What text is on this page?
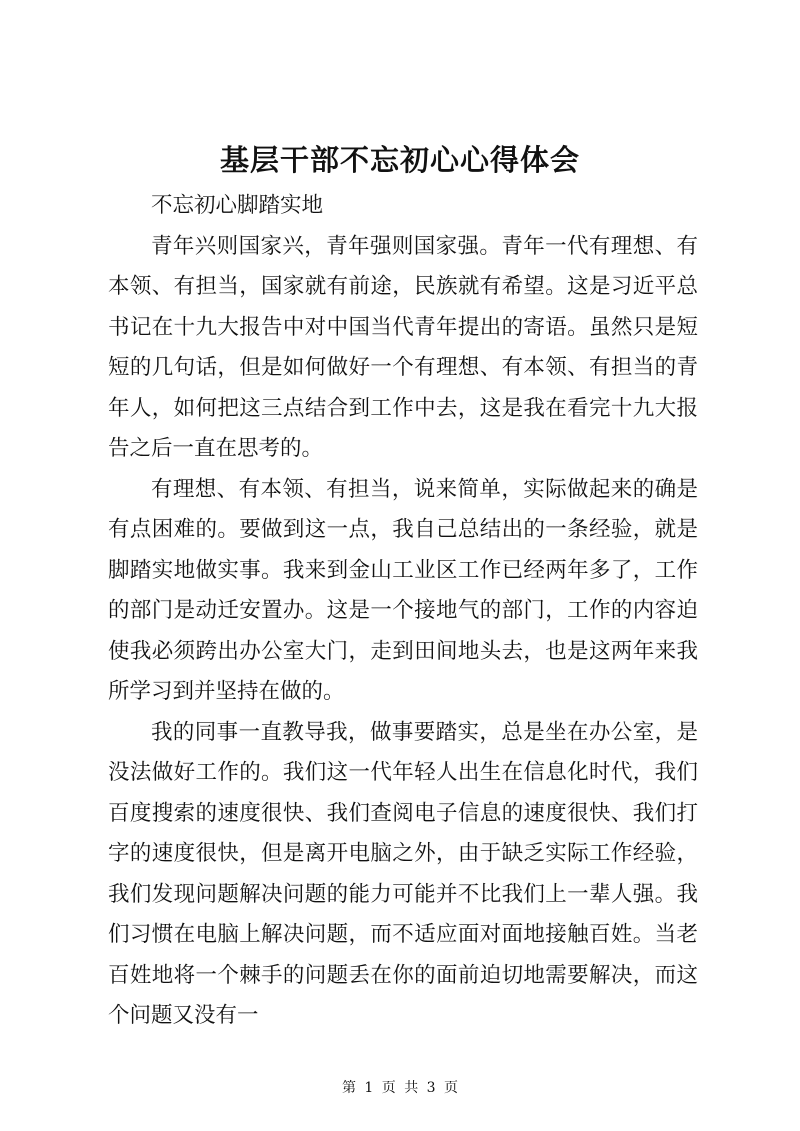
基层干部不忘初心心得体会

不忘初心脚踏实地

青年兴则国家兴，青年强则国家强。青年一代有理想、有本领、有担当，国家就有前途，民族就有希望。这是习近平总书记在十九大报告中对中国当代青年提出的寄语。虽然只是短短的几句话，但是如何做好一个有理想、有本领、有担当的青年人，如何把这三点结合到工作中去，这是我在看完十九大报告之后一直在思考的。

有理想、有本领、有担当，说来简单，实际做起来的确是有点困难的。要做到这一点，我自己总结出的一条经验，就是脚踏实地做实事。我来到金山工业区工作已经两年多了，工作的部门是动迁安置办。这是一个接地气的部门，工作的内容迫使我必须跨出办公室大门，走到田间地头去，也是这两年来我所学习到并坚持在做的。

我的同事一直教导我，做事要踏实，总是坐在办公室，是没法做好工作的。我们这一代年轻人出生在信息化时代，我们百度搜索的速度很快、我们查阅电子信息的速度很快、我们打字的速度很快，但是离开电脑之外，由于缺乏实际工作经验，我们发现问题解决问题的能力可能并不比我们上一辈人强。我们习惯在电脑上解决问题，而不适应面对面地接触百姓。当老百姓地将一个棘手的问题丢在你的面前迫切地需要解决，而这个问题又没有一

第 1 页 共 3 页
